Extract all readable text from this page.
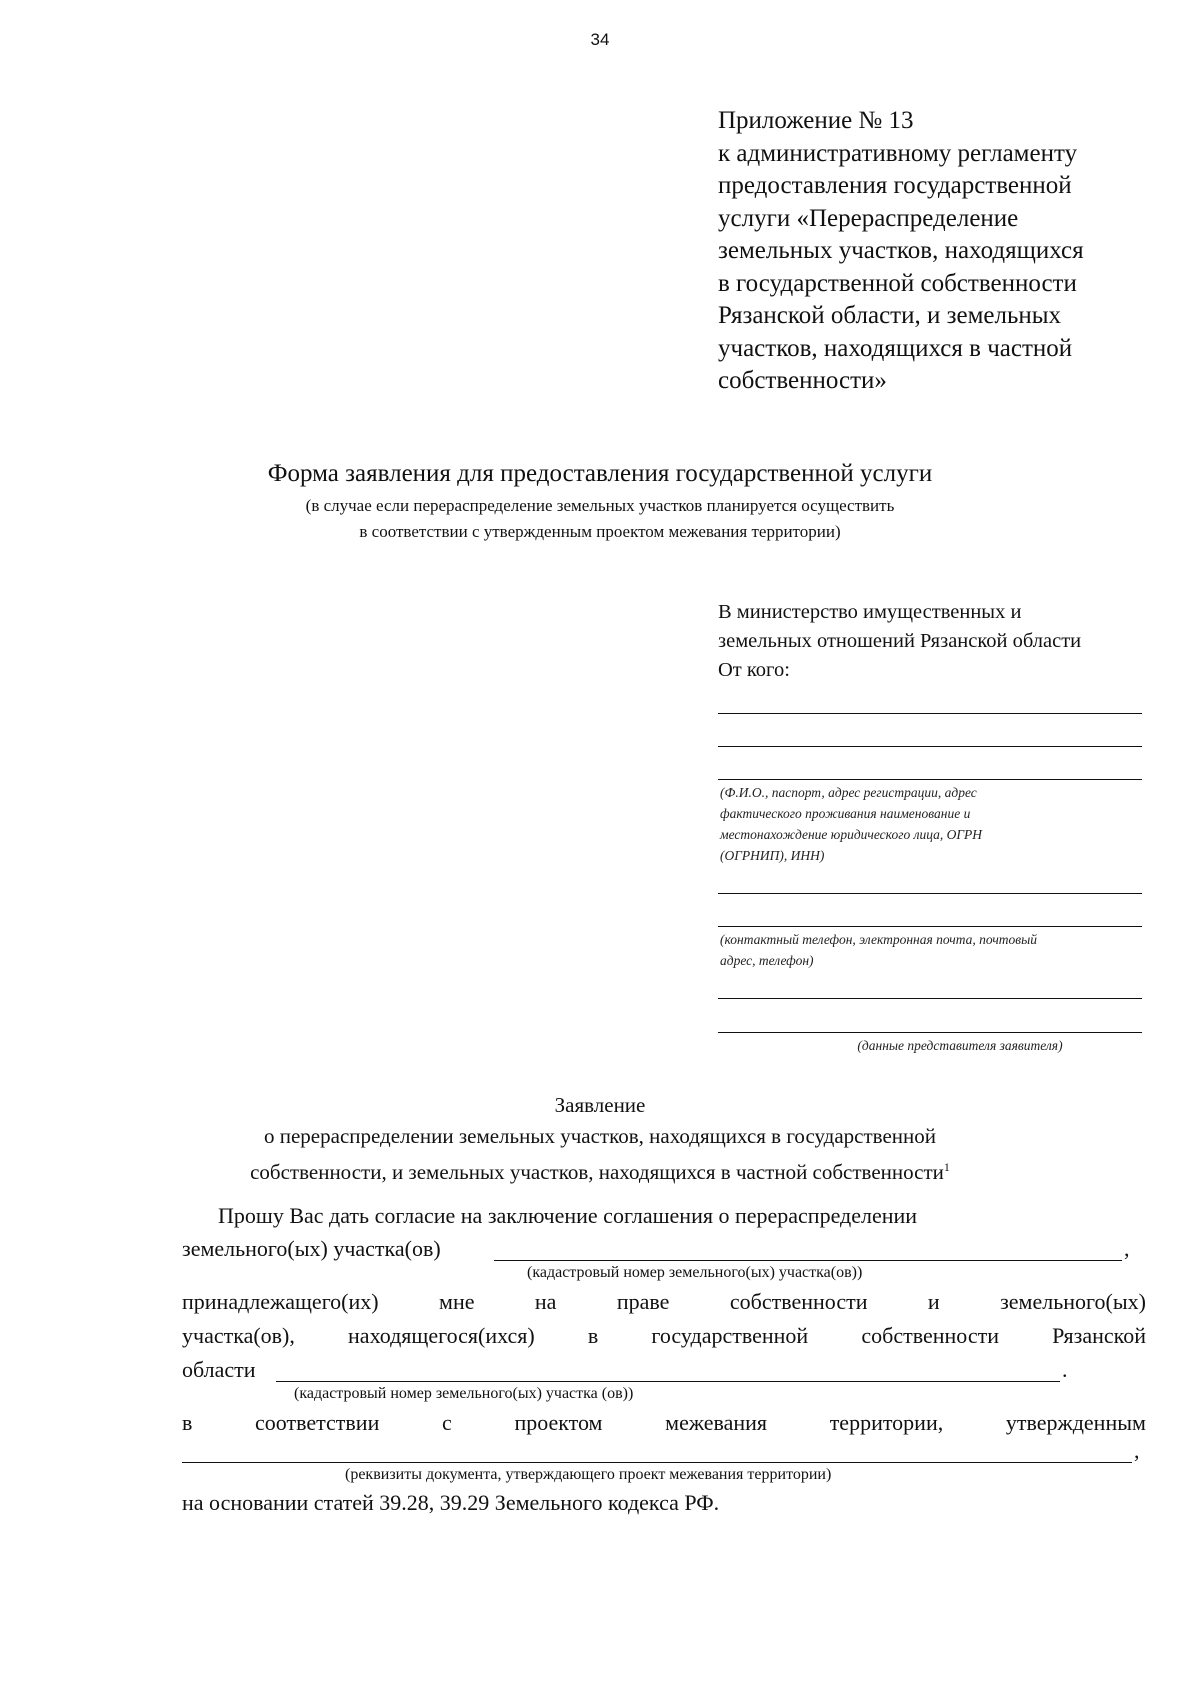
34
Приложение № 13
к административному регламенту
предоставления государственной
услуги «Перераспределение
земельных участков, находящихся
в государственной собственности
Рязанской области, и земельных
участков, находящихся в частной
собственности»
Форма заявления для предоставления государственной услуги
(в случае если перераспределение земельных участков планируется осуществить
в соответствии с утвержденным проектом межевания территории)
В министерство имущественных и
земельных отношений Рязанской области
От кого:
(Ф.И.О., паспорт, адрес регистрации, адрес
фактического проживания наименование и
местонахождение юридического лица, ОГРН
(ОГРНИП), ИНН)
(контактный телефон, электронная почта, почтовый
адрес, телефон)
(данные представителя заявителя)
Заявление
о перераспределении земельных участков, находящихся в государственной
собственности, и земельных участков, находящихся в частной собственности$^1$
Прошу Вас дать согласие на заключение соглашения о перераспределении
земельного(ых) участка(ов)	,
(кадастровый номер земельного(ых) участка(ов))
принадлежащего(их)	мне	на	праве	собственности	и	земельного(ых)
участка(ов), находящегося(ихся) в государственной собственности Рязанской
области	.
(кадастровый номер земельного(ых) участка (ов))
в	соответствии	с	проектом	межевания	территории,	утвержденным
,
(реквизиты документа, утверждающего проект межевания территории)
на основании статей 39.28, 39.29 Земельного кодекса РФ.
